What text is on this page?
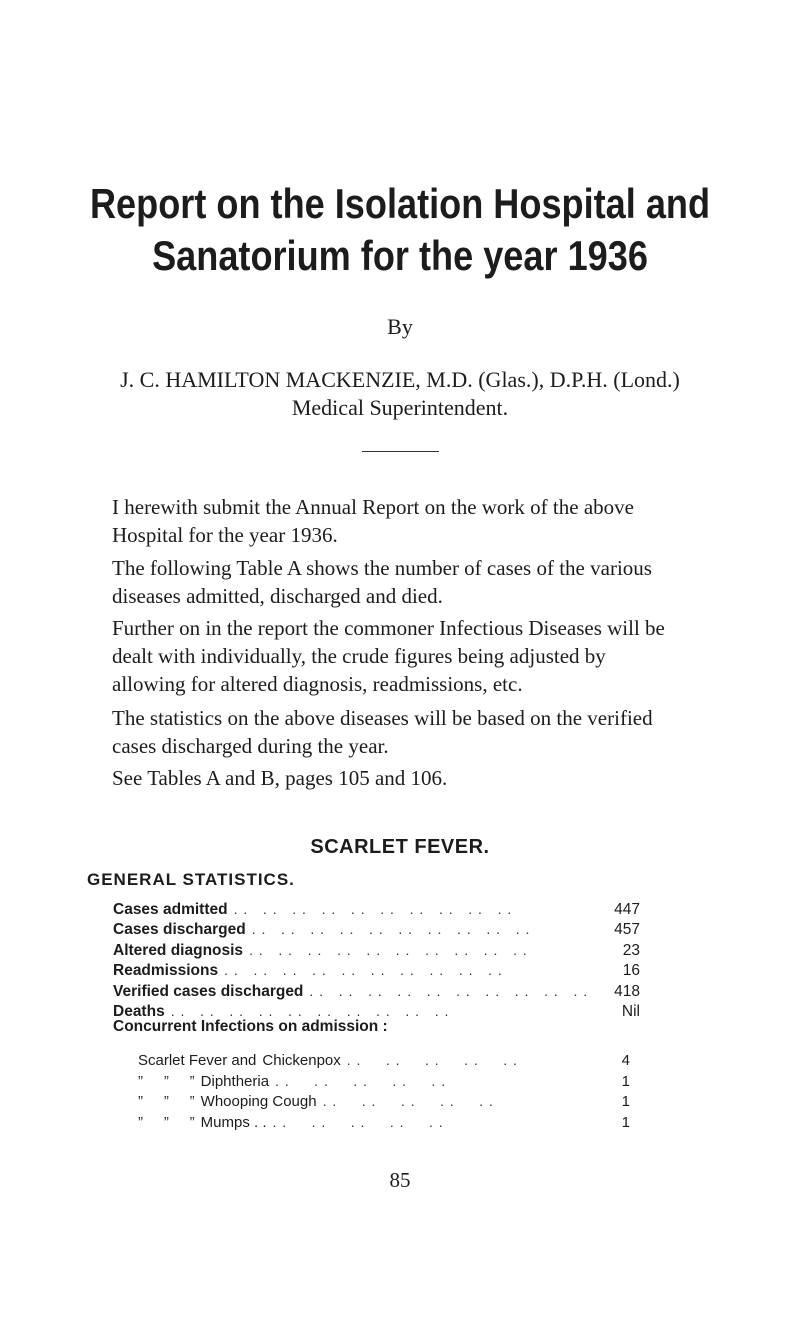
Report on the Isolation Hospital and
Sanatorium for the year 1936
By
J. C. HAMILTON MACKENZIE, M.D. (Glas.), D.P.H. (Lond.)
Medical Superintendent.

I herewith submit the Annual Report on the work of the above Hospital for the year 1936.

The following Table A shows the number of cases of the various diseases admitted, discharged and died.

Further on in the report the commoner Infectious Diseases will be dealt with individually, the crude figures being adjusted by allowing for altered diagnosis, readmissions, etc.

The statistics on the above diseases will be based on the verified cases discharged during the year.

See Tables A and B, pages 105 and 106.

SCARLET FEVER.
GENERAL STATISTICS.
Cases admitted . .   . .   . .   . .   . .   . .   . .   . .   . .   . .	447
Cases discharged . .   . .   . .   . .   . .   . .   . .   . .   . .   . .	457
Altered diagnosis . .   . .   . .   . .   . .   . .   . .   . .   . .   . .	23
Readmissions . .   . .   . .   . .   . .   . .   . .   . .   . .   . .	16
Verified cases discharged . .   . .   . .   . .   . .   . .   . .   . .   . .   . .	418
Deaths . .   . .   . .   . .   . .   . .   . .   . .   . .   . .	Nil
Concurrent Infections on admission :
Scarlet Fever and Chickenpox . .     . .     . .     . .     . .	4
”     ”     ” Diphtheria . .     . .     . .     . .     . .	1
”     ”     ” Whooping Cough . .     . .     . .     . .     . .	1
”     ”     ” Mumps . . . .     . .     . .     . .     . .	1
85
